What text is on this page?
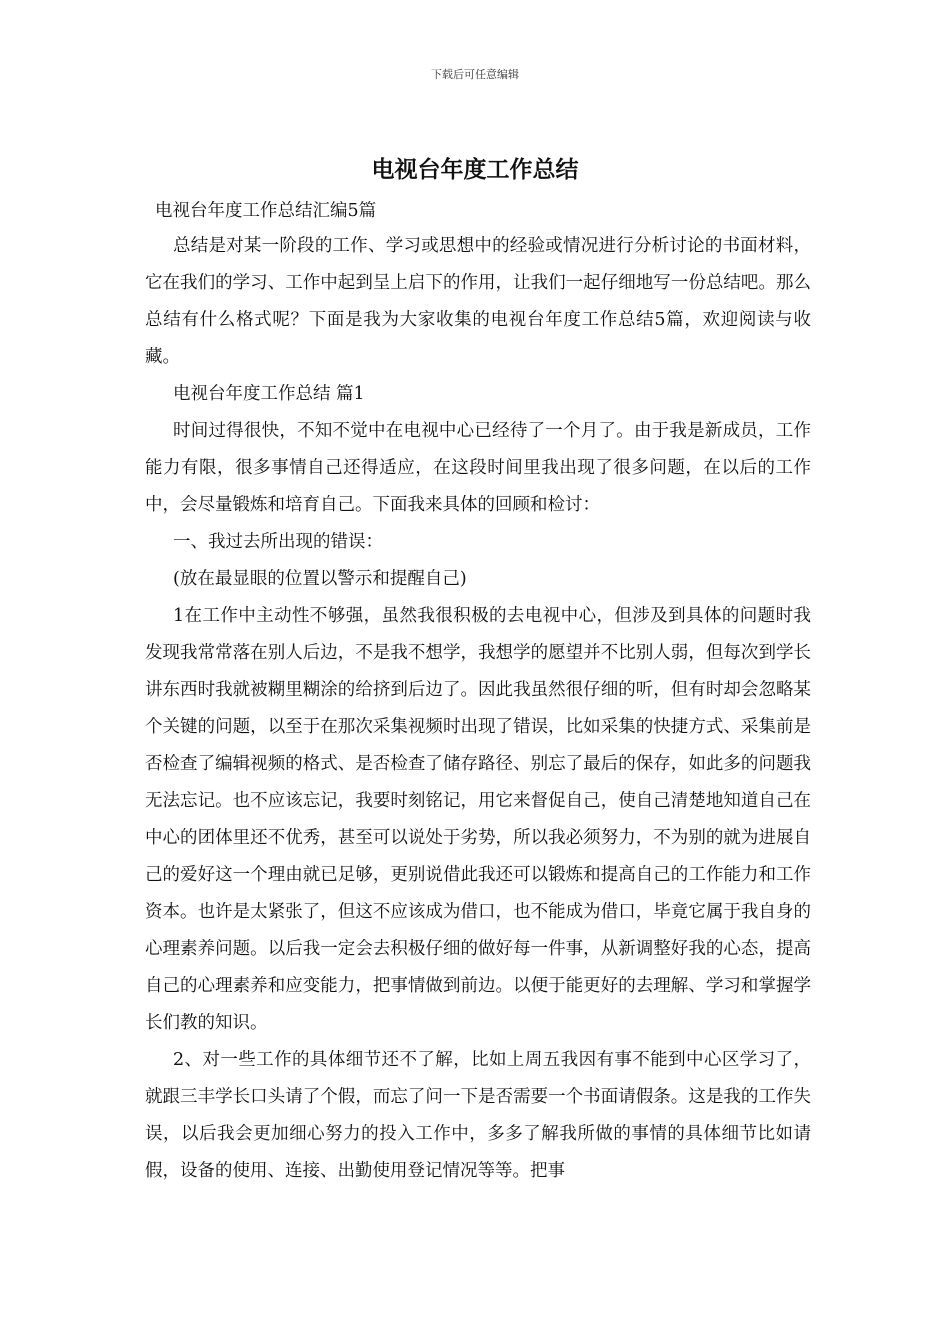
下载后可任意编辑
电视台年度工作总结

电视台年度工作总结汇编5篇

总结是对某一阶段的工作、学习或思想中的经验或情况进行分析讨论的书面材料，它在我们的学习、工作中起到呈上启下的作用，让我们一起仔细地写一份总结吧。那么总结有什么格式呢？下面是我为大家收集的电视台年度工作总结5篇，欢迎阅读与收藏。

电视台年度工作总结 篇1

时间过得很快，不知不觉中在电视中心已经待了一个月了。由于我是新成员，工作能力有限，很多事情自己还得适应，在这段时间里我出现了很多问题，在以后的工作中，会尽量锻炼和培育自己。下面我来具体的回顾和检讨：

一、我过去所出现的错误：

(放在最显眼的位置以警示和提醒自己)

1在工作中主动性不够强，虽然我很积极的去电视中心，但涉及到具体的问题时我发现我常常落在别人后边，不是我不想学，我想学的愿望并不比别人弱，但每次到学长讲东西时我就被糊里糊涂的给挤到后边了。因此我虽然很仔细的听，但有时却会忽略某个关键的问题，以至于在那次采集视频时出现了错误，比如采集的快捷方式、采集前是否检查了编辑视频的格式、是否检查了储存路径、别忘了最后的保存，如此多的问题我无法忘记。也不应该忘记，我要时刻铭记，用它来督促自己，使自己清楚地知道自己在中心的团体里还不优秀，甚至可以说处于劣势，所以我必须努力，不为别的就为进展自己的爱好这一个理由就已足够，更别说借此我还可以锻炼和提高自己的工作能力和工作资本。也许是太紧张了，但这不应该成为借口，也不能成为借口，毕竟它属于我自身的心理素养问题。以后我一定会去积极仔细的做好每一件事，从新调整好我的心态，提高自己的心理素养和应变能力，把事情做到前边。以便于能更好的去理解、学习和掌握学长们教的知识。

2、对一些工作的具体细节还不了解，比如上周五我因有事不能到中心区学习了，就跟三丰学长口头请了个假，而忘了问一下是否需要一个书面请假条。这是我的工作失误，以后我会更加细心努力的投入工作中，多多了解我所做的事情的具体细节比如请假，设备的使用、连接、出勤使用登记情况等等。把事
